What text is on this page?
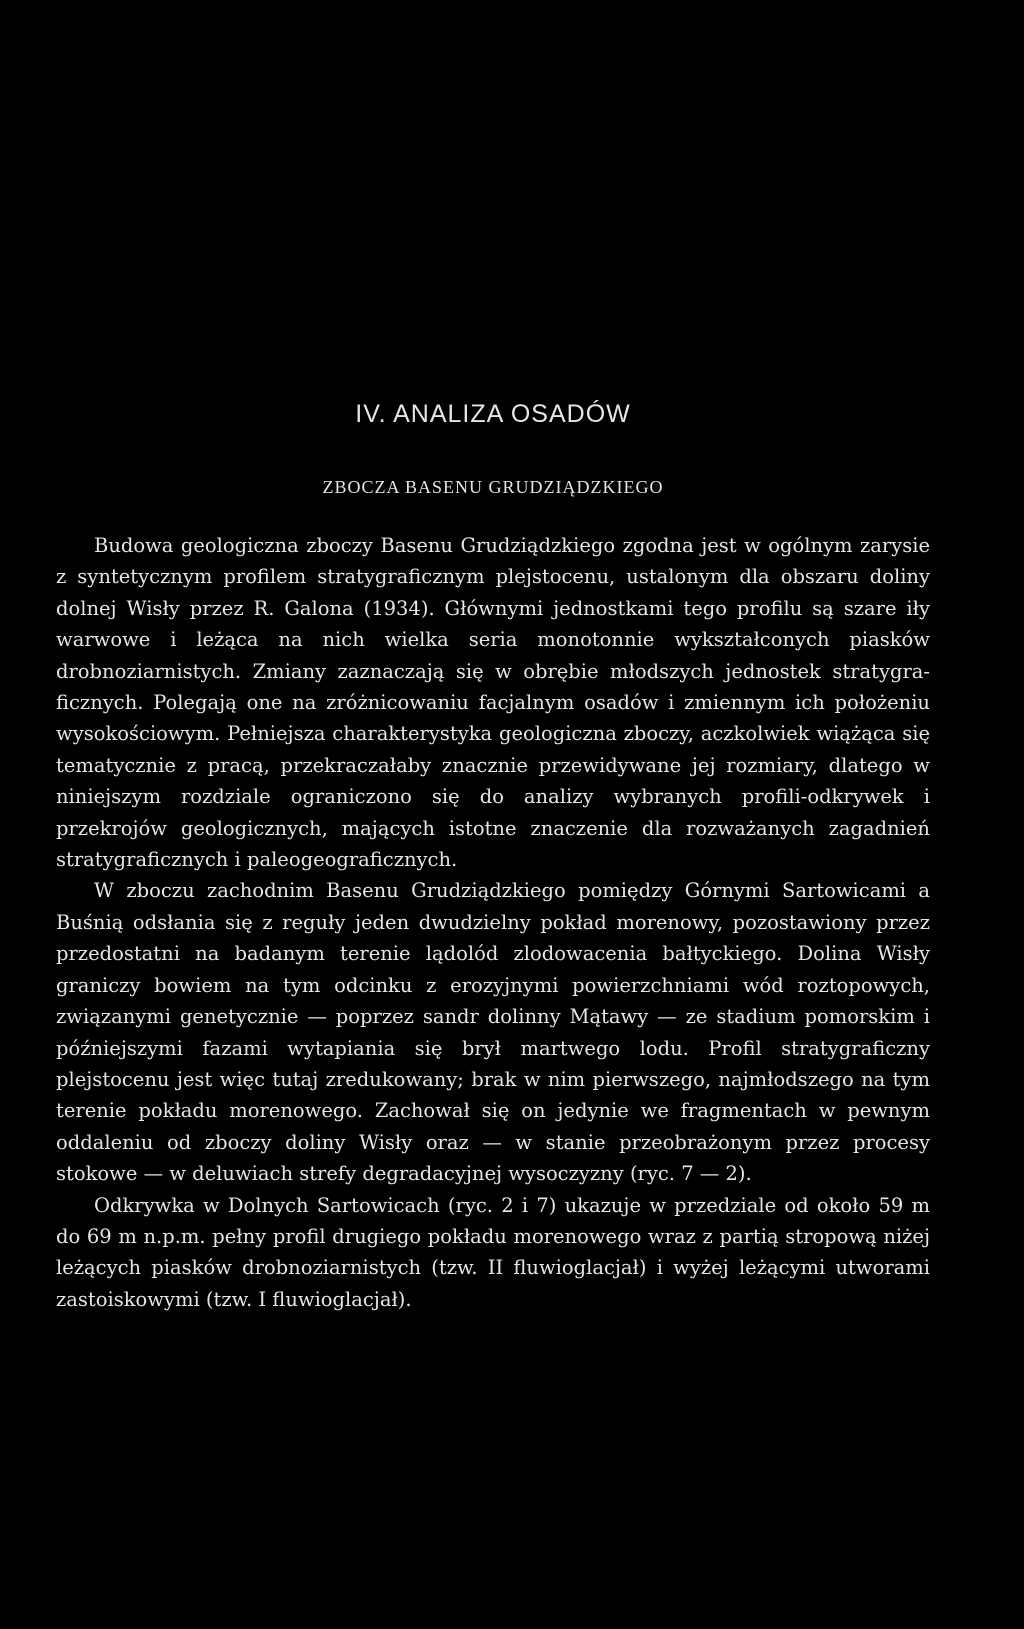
IV. ANALIZA OSADÓW
ZBOCZA BASENU GRUDZIĄDZKIEGO

Budowa geologiczna zboczy Basenu Grudziądzkiego zgodna jest w ogólnym zarysie z syntetycznym profilem stratygraficznym plejstocenu, ustalonym dla obszaru doliny dolnej Wisły przez R. Galona (1934). Głównymi jednostkami tego profilu są szare iły warwowe i leżąca na nich wielka seria monotonnie wykształconych piasków drobnoziarnistych. Zmiany zaznaczają się w obrębie młodszych jednostek stratygraficznych. Polegają one na zróżnicowaniu facjalnym osadów i zmiennym ich położeniu wysokościowym. Pełniejsza charakterystyka geologiczna zboczy, aczkolwiek wiążąca się tematycznie z pracą, przekraczałaby znacznie przewidywane jej rozmiary, dlatego w niniejszym rozdziale ograniczono się do analizy wybranych profili-odkrywek i przekrojów geologicznych, mających istotne znaczenie dla rozważanych zagadnień stratygraficznych i paleogeograficznych.

W zboczu zachodnim Basenu Grudziądzkiego pomiędzy Górnymi Sartowicami a Buśnią odsłania się z reguły jeden dwudzielny pokład morenowy, pozostawiony przez przedostatni na badanym terenie lądolód zlodowacenia bałtyckiego. Dolina Wisły graniczy bowiem na tym odcinku z erozyjnymi powierzchniami wód roztopowych, związanymi genetycznie — poprzez sandr dolinny Mątawy — ze stadium pomorskim i późniejszymi fazami wytapiania się brył martwego lodu. Profil stratygraficzny plejstocenu jest więc tutaj zredukowany; brak w nim pierwszego, najmłodszego na tym terenie pokładu morenowego. Zachował się on jedynie we fragmentach w pewnym oddaleniu od zboczy doliny Wisły oraz — w stanie przeobrażonym przez procesy stokowe — w deluwiach strefy degradacyjnej wysoczyzny (ryc. 7 — 2).

Odkrywka w Dolnych Sartowicach (ryc. 2 i 7) ukazuje w przedziale od około 59 m do 69 m n.p.m. pełny profil drugiego pokładu morenowego wraz z partią stropową niżej leżących piasków drobnoziarnistych (tzw. II fluwioglacjał) i wyżej leżącymi utworami zastoiskowymi (tzw. I fluwioglacjał).
